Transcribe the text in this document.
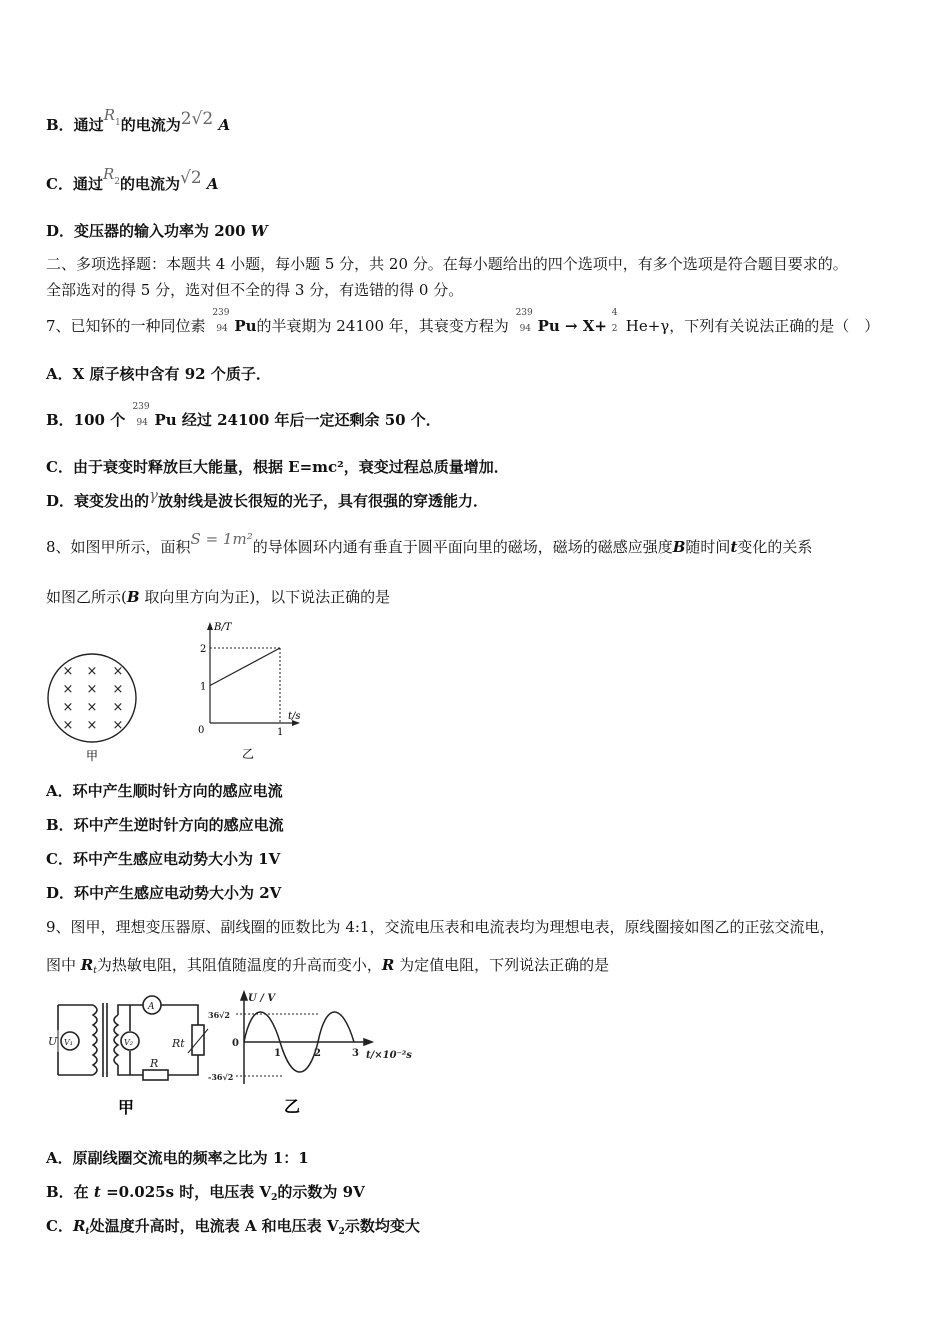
B．通过$R^1$的电流为2√2 A
C．通过$R^2$的电流为√2 A
D．变压器的输入功率为 200 W
二、多项选择题：本题共 4 小题，每小题 5 分，共 20 分。在每小题给出的四个选项中，有多个选项是符合题目要求的。
全部选对的得 5 分，选对但不全的得 3 分，有选错的得 0 分。
7、已知钚的一种同位素
239
94 Pu的半衰期为 24100 年，其衰变方程为
239
94 Pu → X+
4
2 He+γ，下列有关说法正确的是（　）
A．X 原子核中含有 92 个质子．
B．100 个
239
94 Pu 经过 24100 年后一定还剩余 50 个．
C．由于衰变时释放巨大能量，根据 E=mc²，衰变过程总质量增加．
D．衰变发出的γ放射线是波长很短的光子，具有很强的穿透能力．
8、如图甲所示，面积S = 1m²的导体圆环内通有垂直于圆平面向里的磁场，磁场的磁感应强度B随时间t变化的关系
如图乙所示(B 取向里方向为正)，以下说法正确的是
× × ×
× × ×
× × ×
× × ×
甲
B/T
t/s
0
1
2
1
乙
A．环中产生顺时针方向的感应电流
B．环中产生逆时针方向的感应电流
C．环中产生感应电动势大小为 1V
D．环中产生感应电动势大小为 2V
9、图甲，理想变压器原、副线圈的匝数比为 4:1，交流电压表和电流表均为理想电表，原线圈接如图乙的正弦交流电，
图中 $R_t$为热敏电阻，其阻值随温度的升高而变小，R 为定值电阻，下列说法正确的是
U V₁	V₂
A
Rt
R
甲
U / V
36√2
-36√2
0
1	2	3 t/×10⁻²s
乙
A．原副线圈交流电的频率之比为 1：1
B．在 t =0.025s 时，电压表 $V_2$的示数为 9V
C．$R_t$处温度升高时，电流表 A 和电压表 $V_2$示数均变大
